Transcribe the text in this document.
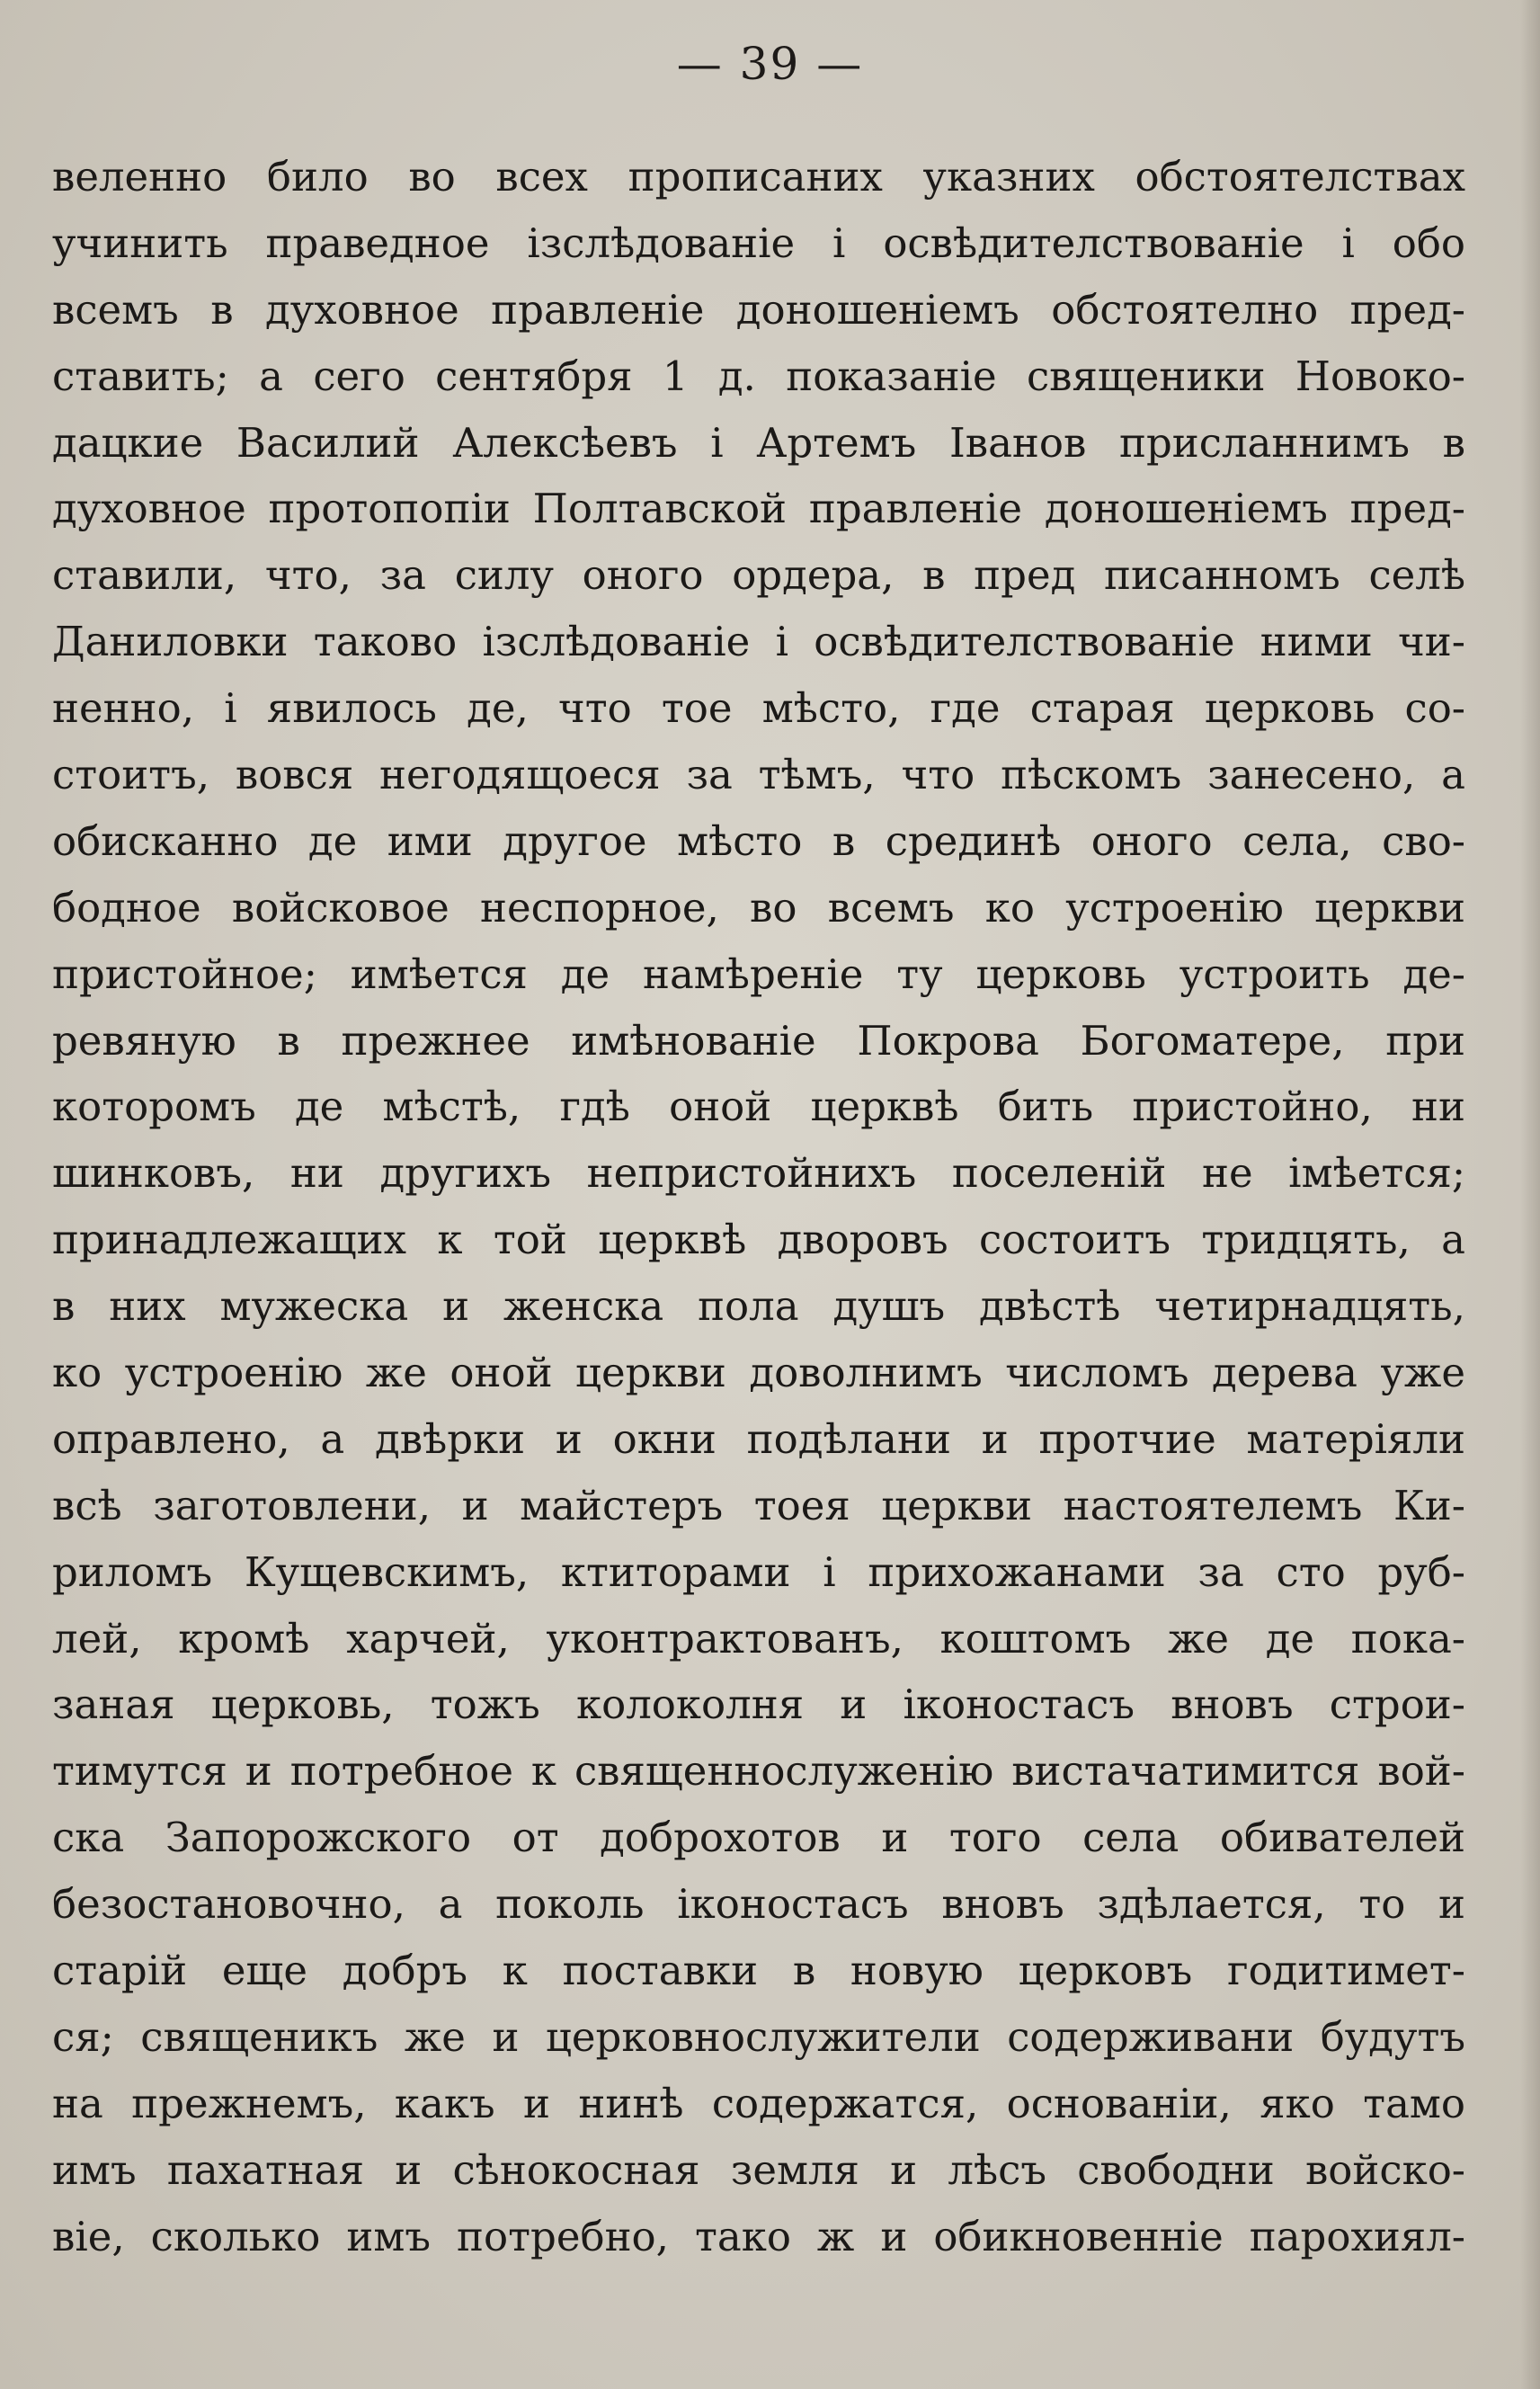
— 39 —
веленно било во всех прописаних указних обстоятелствах
учинить праведное ізслѣдованіе і освѣдителствованіе і обо
всемъ в духовное правленіе доношеніемъ обстоятелно пред-
ставить; а сего сентября 1 д. показаніе священики Новоко-
дацкие Василий Алексѣевъ і Артемъ Іванов присланнимъ в
духовное протопопіи Полтавской правленіе доношеніемъ пред-
ставили, что, за силу оного ордера, в пред писанномъ селѣ
Даниловки таково ізслѣдованіе і освѣдителствованіе ними чи-
ненно, і явилось де, что тое мѣсто, где старая церковь со-
стоитъ, вовся негодящоеся за тѣмъ, что пѣскомъ занесено, а
обисканно де ими другое мѣсто в срединѣ оного села, сво-
бодное войсковое неспорное, во всемъ ко устроенію церкви
пристойное; имѣется де намѣреніе ту церковь устроить де-
ревяную в прежнее имѣнованіе Покрова Богоматере, при
которомъ де мѣстѣ, гдѣ оной церквѣ бить пристойно, ни
шинковъ, ни другихъ непристойнихъ поселеній не імѣется;
принадлежащих к той церквѣ дворовъ состоитъ тридцять, а
в них мужеска и женска пола душъ двѣстѣ четирнадцять,
ко устроенію же оной церкви доволнимъ числомъ дерева уже
оправлено, а двѣрки и окни подѣлани и протчие матеріяли
всѣ заготовлени, и майстеръ тоея церкви настоятелемъ Ки-
риломъ Кущевскимъ, ктиторами і прихожанами за сто руб-
лей, кромѣ харчей, уконтрактованъ, коштомъ же де пока-
заная церковь, тожъ колоколня и іконостасъ вновъ строи-
тимутся и потребное к священнослуженію вистачатимится вой-
ска Запорожского от доброхотов и того села обивателей
безостановочно, а поколь іконостасъ вновъ здѣлается, то и
старій еще добръ к поставки в новую церковъ годитимет-
ся; священикъ же и церковнослужители содерживани будутъ
на прежнемъ, какъ и нинѣ содержатся, основаніи, яко тамо
имъ пахатная и сѣнокосная земля и лѣсъ свободни войско-
віе, сколько имъ потребно, тако ж и обикновенніе парохиял-
